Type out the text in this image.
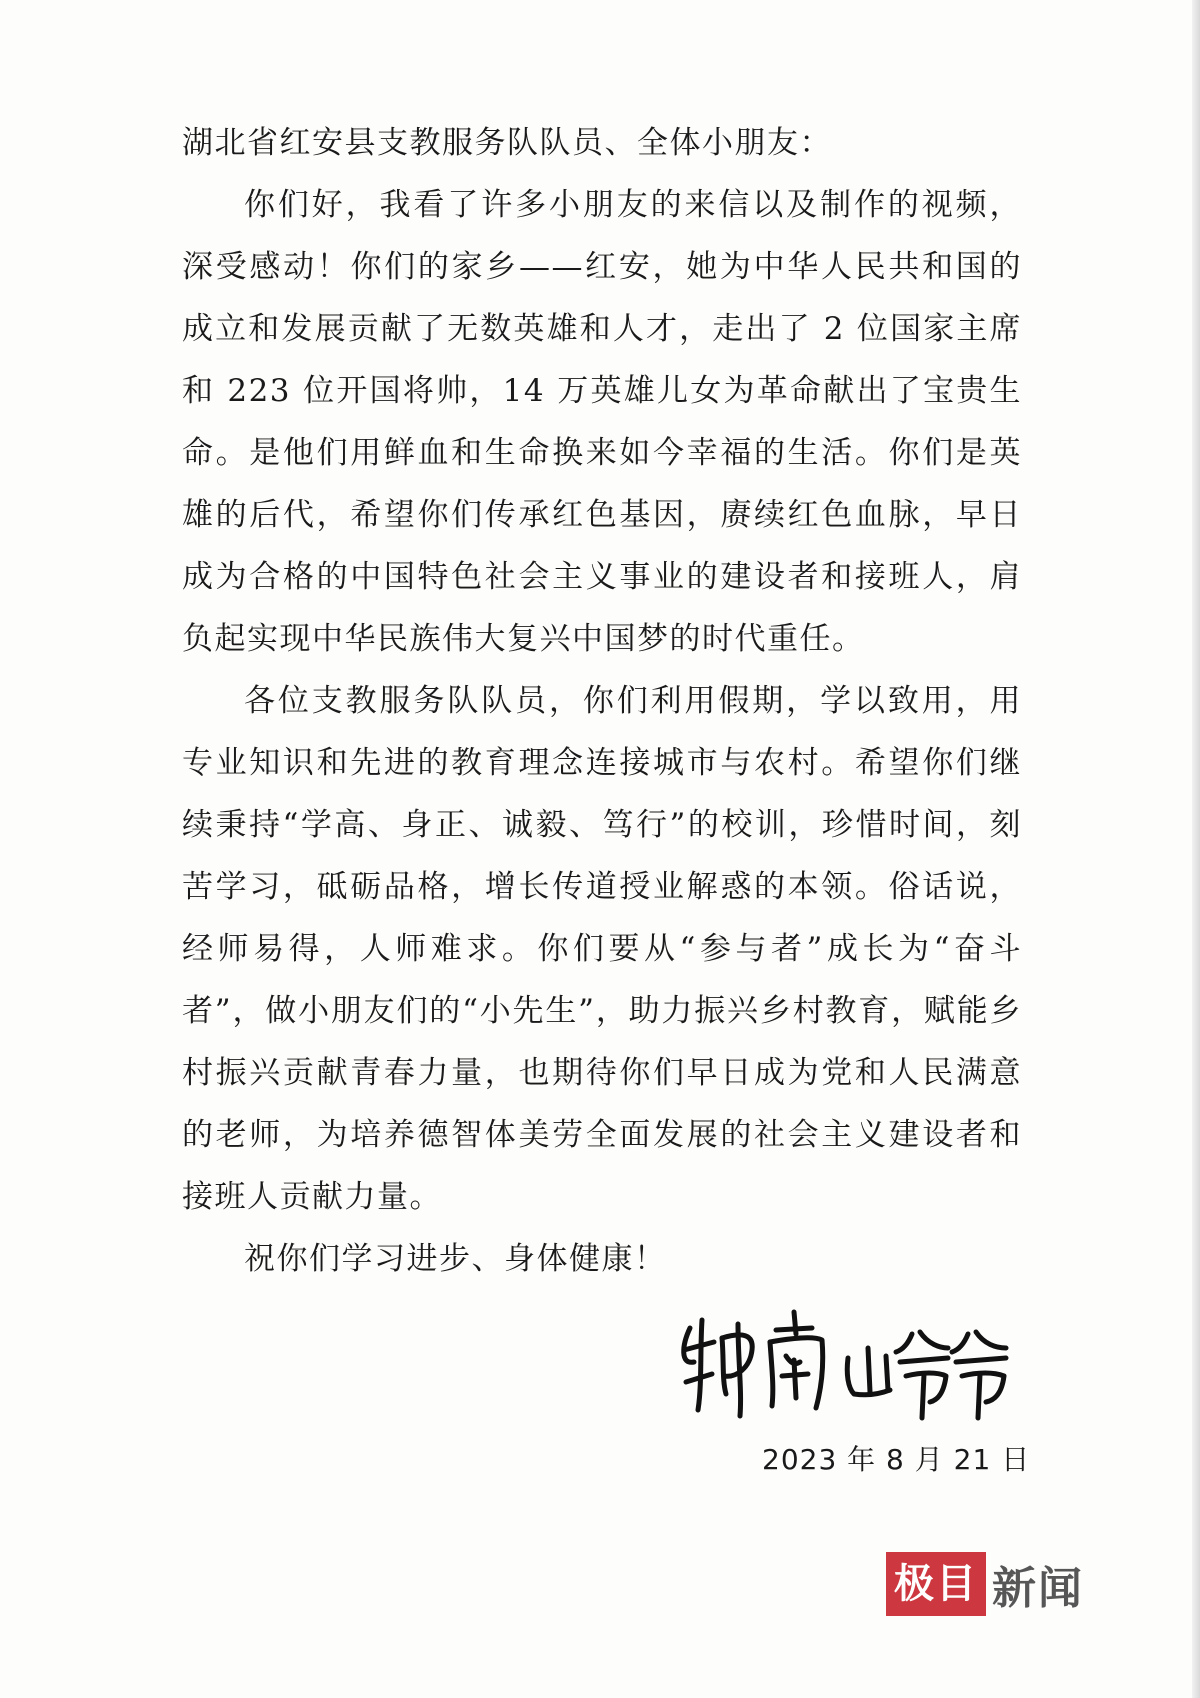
湖北省红安县支教服务队队员、全体小朋友：

你们好，我看了许多小朋友的来信以及制作的视频，深受感动！你们的家乡——红安，她为中华人民共和国的成立和发展贡献了无数英雄和人才，走出了 2 位国家主席和 223 位开国将帅，14 万英雄儿女为革命献出了宝贵生命。是他们用鲜血和生命换来如今幸福的生活。你们是英雄的后代，希望你们传承红色基因，赓续红色血脉，早日成为合格的中国特色社会主义事业的建设者和接班人，肩负起实现中华民族伟大复兴中国梦的时代重任。

各位支教服务队队员，你们利用假期，学以致用，用专业知识和先进的教育理念连接城市与农村。希望你们继续秉持“学高、身正、诚毅、笃行”的校训，珍惜时间，刻苦学习，砥砺品格，增长传道授业解惑的本领。俗话说，经师易得，人师难求。你们要从“参与者”成长为“奋斗者”，做小朋友们的“小先生”，助力振兴乡村教育，赋能乡村振兴贡献青春力量，也期待你们早日成为党和人民满意的老师，为培养德智体美劳全面发展的社会主义建设者和接班人贡献力量。

祝你们学习进步、身体健康！

2023 年 8 月 21 日
极目 新闻
